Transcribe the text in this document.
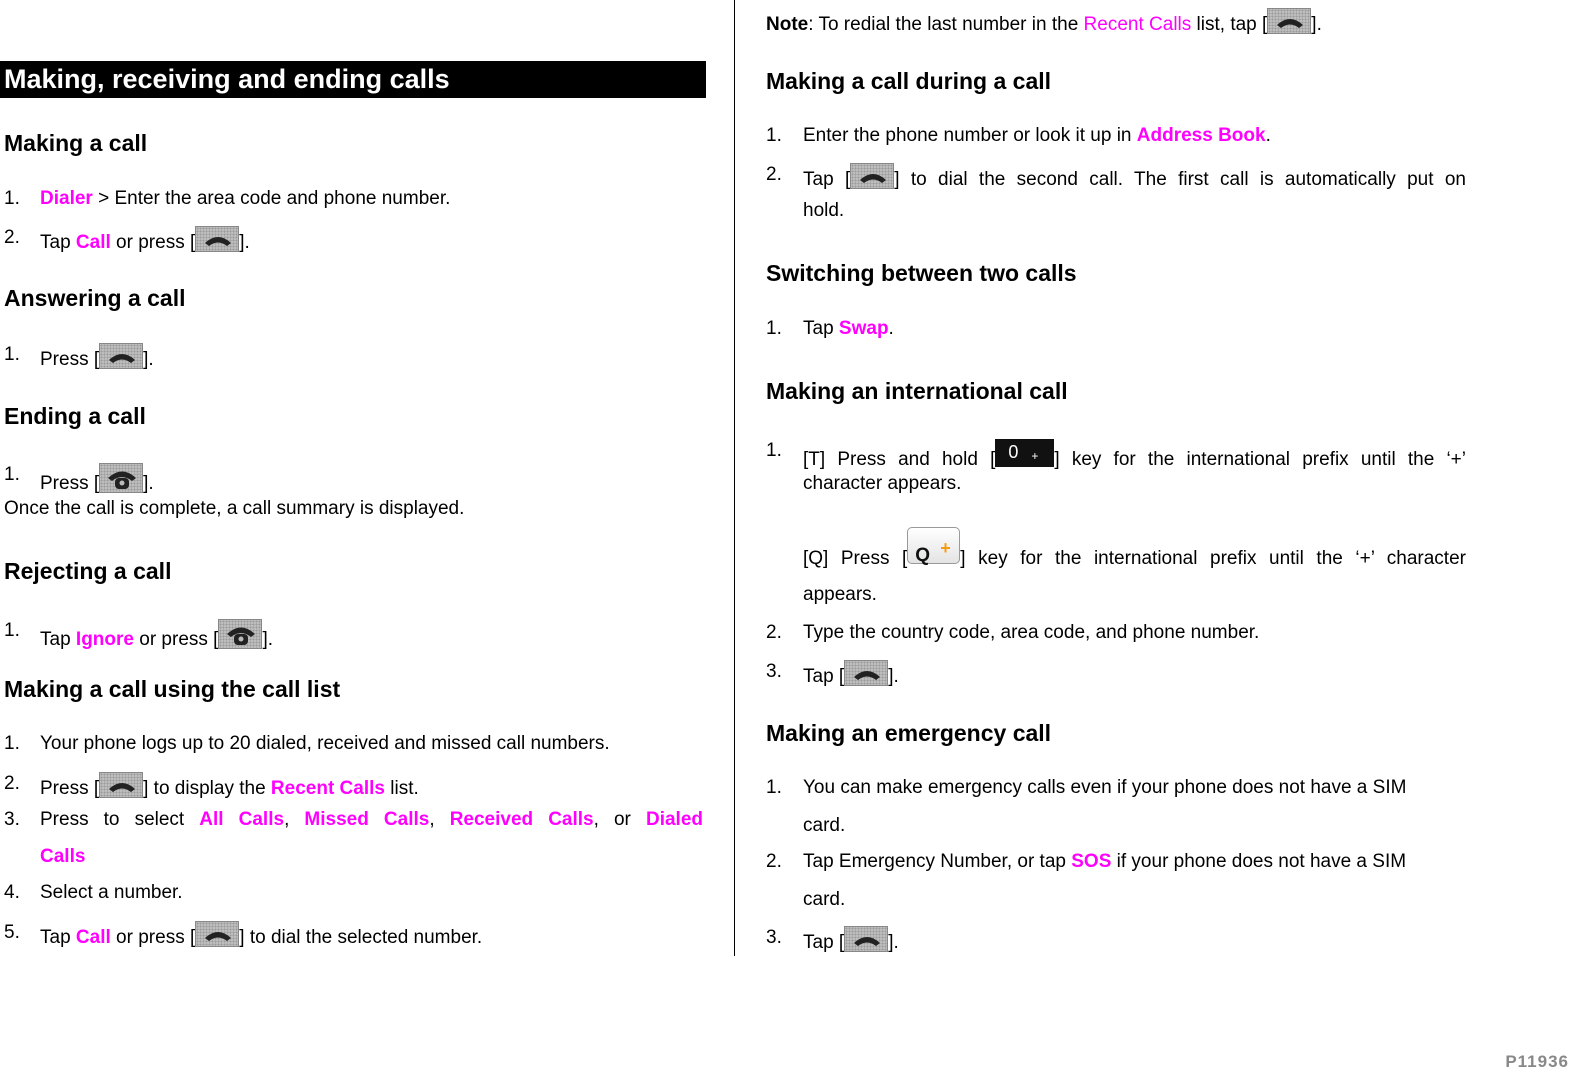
Making, receiving and ending calls
Making a call
1.	Dialer > Enter the area code and phone number.
2.	Tap Call or press [ ].
Answering a call
1.	Press [ ].
Ending a call
1.	Press [ ].
Once the call is complete, a call summary is displayed.
Rejecting a call
1.	Tap Ignore or press [ ].
Making a call using the call list
1.	Your phone logs up to 20 dialed, received and missed call numbers.
2.	Press [ ] to display the Recent Calls list.
3.	Press to select All Calls, Missed Calls, Received Calls, or Dialed
Calls
4.	Select a number.
5.	Tap Call or press [ ] to dial the selected number.
Note: To redial the last number in the Recent Calls list, tap [ ].
Making a call during a call
1.	Enter the phone number or look it up in Address Book.
2.	Tap [ ] to dial the second call. The first call is automatically put on
hold.
Switching between two calls
1.	Tap Swap.
Making an international call
1.	[T] Press and hold [ 0 + ] key for the international prefix until the ‘+’
character appears.
[Q] Press [ Q + ] key for the international prefix until the ‘+’ character
appears.
2.	Type the country code, area code, and phone number.
3.	Tap [ ].
Making an emergency call
1.	You can make emergency calls even if your phone does not have a SIM
card.
2.	Tap Emergency Number, or tap SOS if your phone does not have a SIM
card.
3.	Tap [ ].
P11936
